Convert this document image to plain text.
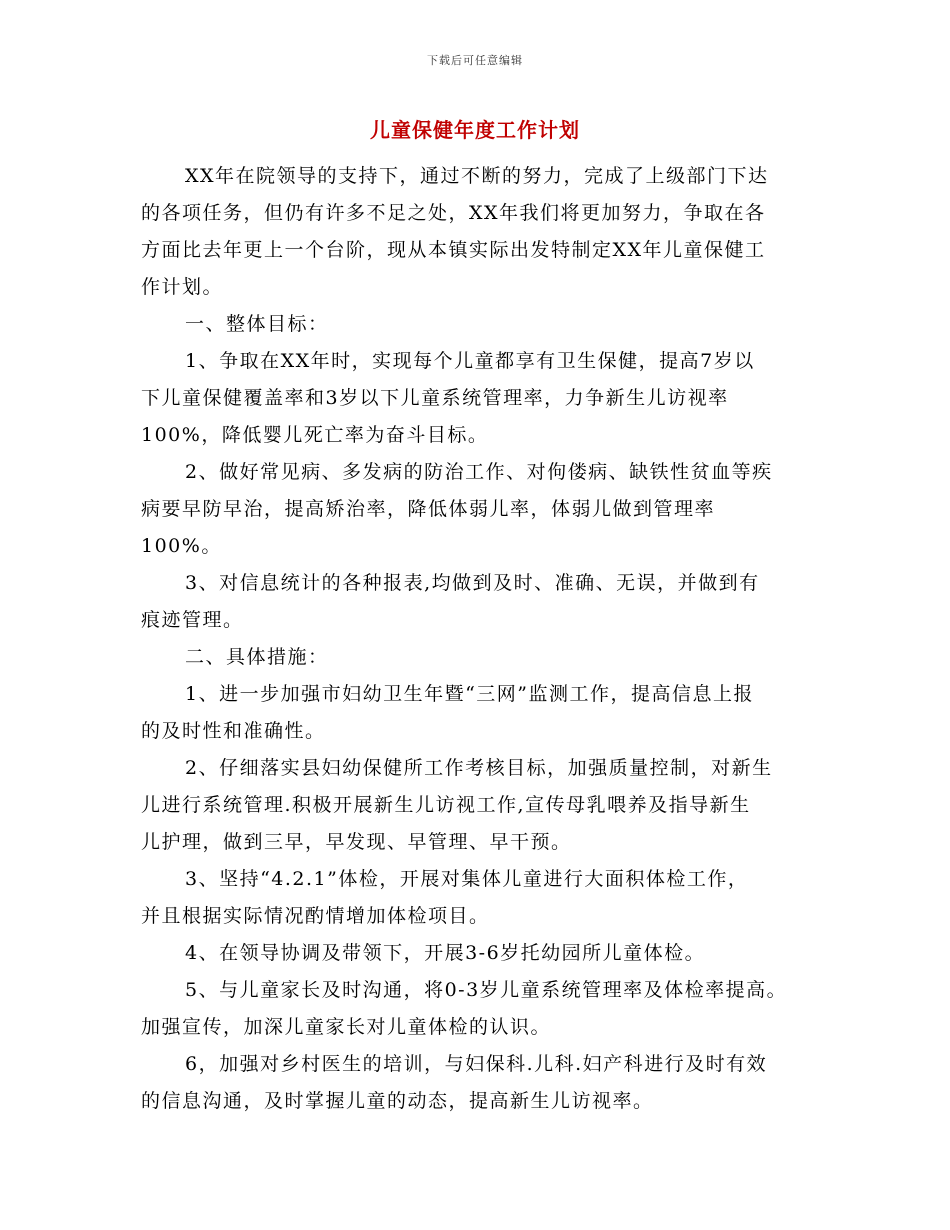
下载后可任意编辑
儿童保健年度工作计划
XX年在院领导的支持下，通过不断的努力，完成了上级部门下达
的各项任务，但仍有许多不足之处，XX年我们将更加努力，争取在各
方面比去年更上一个台阶，现从本镇实际出发特制定XX年儿童保健工
作计划。
一、整体目标：
1、争取在XX年时，实现每个儿童都享有卫生保健，提高7岁以
下儿童保健覆盖率和3岁以下儿童系统管理率，力争新生儿访视率
100%，降低婴儿死亡率为奋斗目标。
2、做好常见病、多发病的防治工作、对佝偻病、缺铁性贫血等疾
病要早防早治，提高矫治率，降低体弱儿率，体弱儿做到管理率
100%。
3、对信息统计的各种报表,均做到及时、准确、无误，并做到有
痕迹管理。
二、具体措施：
1、进一步加强市妇幼卫生年暨“三网”监测工作，提高信息上报
的及时性和准确性。
2、仔细落实县妇幼保健所工作考核目标，加强质量控制，对新生
儿进行系统管理.积极开展新生儿访视工作,宣传母乳喂养及指导新生
儿护理，做到三早，早发现、早管理、早干预。
3、坚持“4.2.1”体检，开展对集体儿童进行大面积体检工作，
并且根据实际情况酌情增加体检项目。
4、在领导协调及带领下，开展3-6岁托幼园所儿童体检。
5、与儿童家长及时沟通，将0-3岁儿童系统管理率及体检率提高。
加强宣传，加深儿童家长对儿童体检的认识。
6，加强对乡村医生的培训，与妇保科.儿科.妇产科进行及时有效
的信息沟通，及时掌握儿童的动态，提高新生儿访视率。
